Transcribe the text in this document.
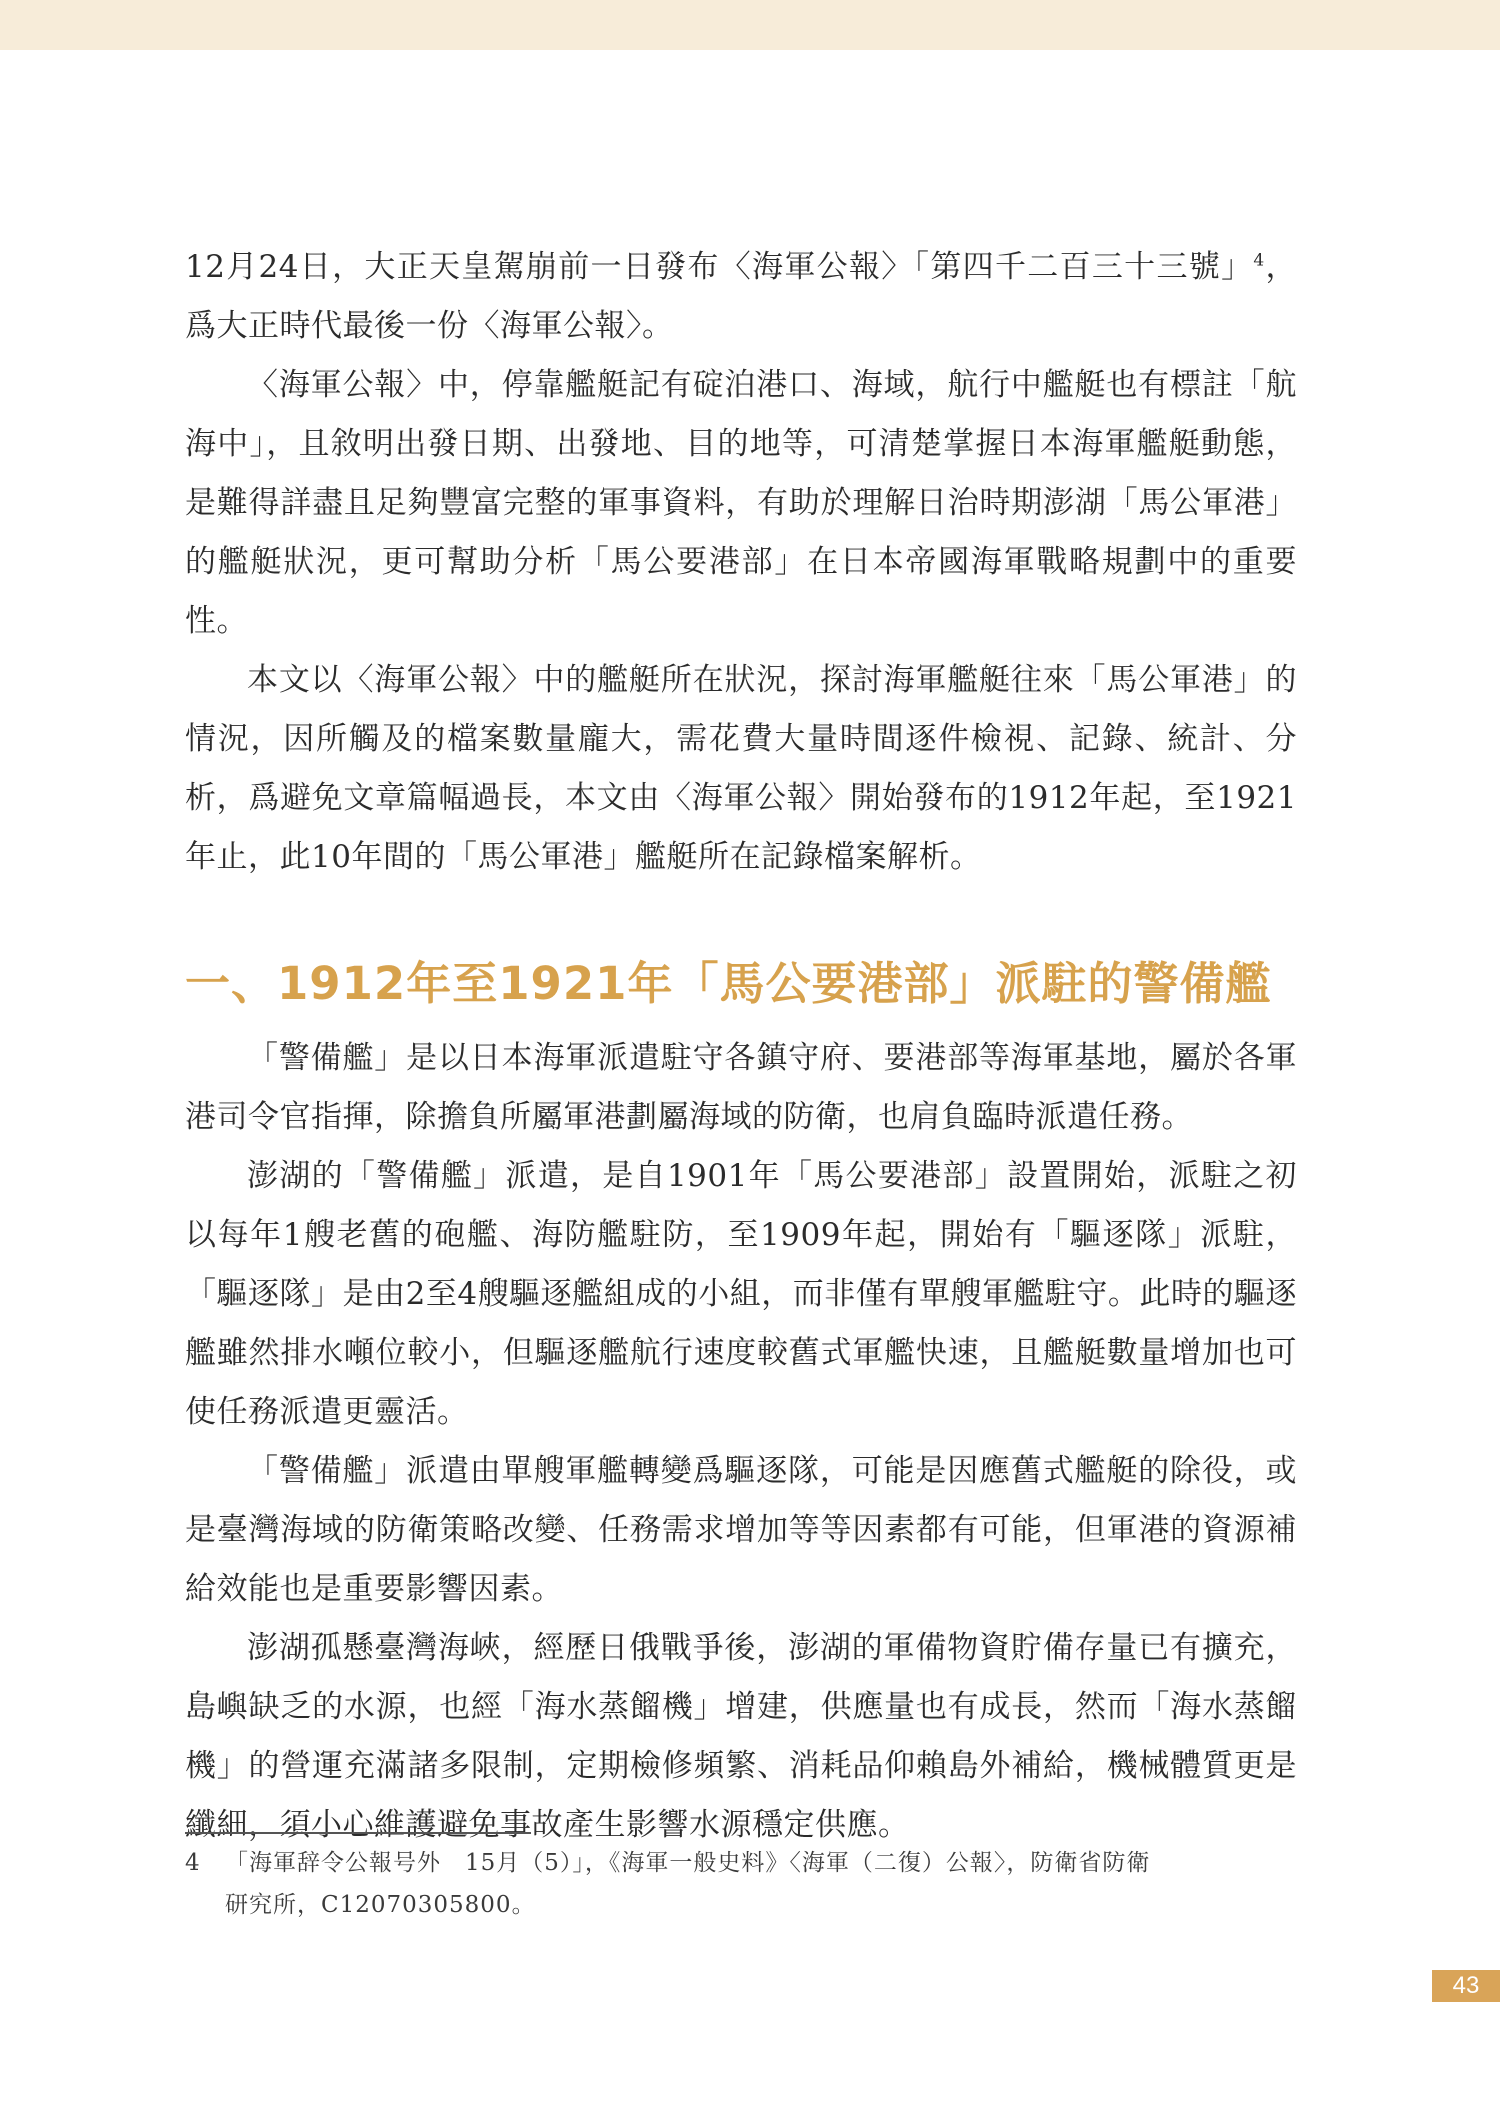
12月24日，大正天皇駕崩前一日發布〈海軍公報〉「第四千二百三十三號」$^4$，爲大正時代最後一份〈海軍公報〉。

〈海軍公報〉中，停靠艦艇記有碇泊港口、海域，航行中艦艇也有標註「航海中」，且敘明出發日期、出發地、目的地等，可清楚掌握日本海軍艦艇動態，是難得詳盡且足夠豐富完整的軍事資料，有助於理解日治時期澎湖「馬公軍港」的艦艇狀況，更可幫助分析「馬公要港部」在日本帝國海軍戰略規劃中的重要性。

本文以〈海軍公報〉中的艦艇所在狀況，探討海軍艦艇往來「馬公軍港」的情況，因所觸及的檔案數量龐大，需花費大量時間逐件檢視、記錄、統計、分析，爲避免文章篇幅過長，本文由〈海軍公報〉開始發布的1912年起，至1921年止，此10年間的「馬公軍港」艦艇所在記錄檔案解析。

一、1912年至1921年「馬公要港部」派駐的警備艦

「警備艦」是以日本海軍派遣駐守各鎮守府、要港部等海軍基地，屬於各軍港司令官指揮，除擔負所屬軍港劃屬海域的防衛，也肩負臨時派遣任務。

澎湖的「警備艦」派遣，是自1901年「馬公要港部」設置開始，派駐之初以每年1艘老舊的砲艦、海防艦駐防，至1909年起，開始有「驅逐隊」派駐，「驅逐隊」是由2至4艘驅逐艦組成的小組，而非僅有單艘軍艦駐守。此時的驅逐艦雖然排水噸位較小，但驅逐艦航行速度較舊式軍艦快速，且艦艇數量增加也可使任務派遣更靈活。

「警備艦」派遣由單艘軍艦轉變爲驅逐隊，可能是因應舊式艦艇的除役，或是臺灣海域的防衛策略改變、任務需求增加等等因素都有可能，但軍港的資源補給效能也是重要影響因素。

澎湖孤懸臺灣海峽，經歷日俄戰爭後，澎湖的軍備物資貯備存量已有擴充，島嶼缺乏的水源，也經「海水蒸餾機」增建，供應量也有成長，然而「海水蒸餾機」的營運充滿諸多限制，定期檢修頻繁、消耗品仰賴島外補給，機械體質更是纖細，須小心維護避免事故產生影響水源穩定供應。

4 「海軍辞令公報号外　15月（5）」，《海軍一般史料》〈海軍（二復）公報〉，防衛省防衛
研究所，C12070305800。
43
